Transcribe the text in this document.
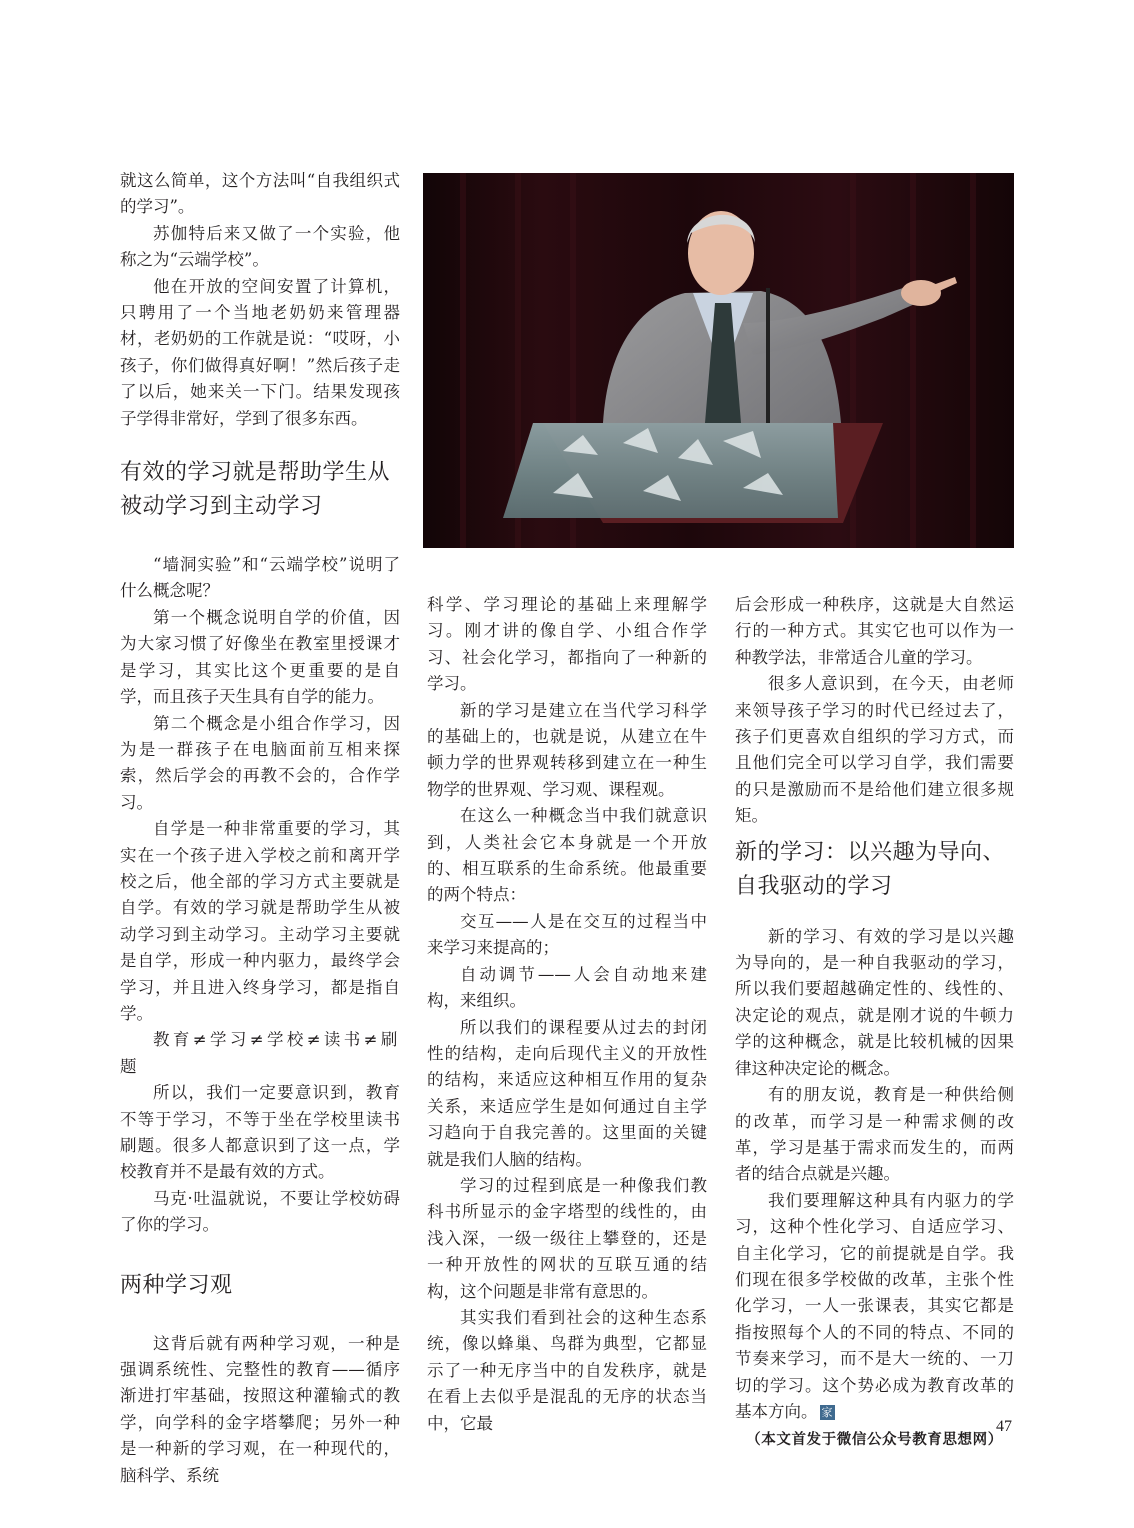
就这么简单，这个方法叫“自我组织式的学习”。

苏伽特后来又做了一个实验，他称之为“云端学校”。

他在开放的空间安置了计算机，只聘用了一个当地老奶奶来管理器材，老奶奶的工作就是说：“哎呀，小孩子，你们做得真好啊！”然后孩子走了以后，她来关一下门。结果发现孩子学得非常好，学到了很多东西。

有效的学习就是帮助学生从被动学习到主动学习

“墙洞实验”和“云端学校”说明了什么概念呢？

第一个概念说明自学的价值，因为大家习惯了好像坐在教室里授课才是学习，其实比这个更重要的是自学，而且孩子天生具有自学的能力。

第二个概念是小组合作学习，因为是一群孩子在电脑面前互相来探索，然后学会的再教不会的，合作学习。

自学是一种非常重要的学习，其实在一个孩子进入学校之前和离开学校之后，他全部的学习方式主要就是自学。有效的学习就是帮助学生从被动学习到主动学习。主动学习主要就是自学，形成一种内驱力，最终学会学习，并且进入终身学习，都是指自学。

教育≠学习≠学校≠读书≠刷题

所以，我们一定要意识到，教育不等于学习，不等于坐在学校里读书刷题。很多人都意识到了这一点，学校教育并不是最有效的方式。

马克·吐温就说，不要让学校妨碍了你的学习。

两种学习观

这背后就有两种学习观，一种是强调系统性、完整性的教育——循序渐进打牢基础，按照这种灌输式的教学，向学科的金字塔攀爬；另外一种是一种新的学习观，在一种现代的，脑科学、系统

科学、学习理论的基础上来理解学习。刚才讲的像自学、小组合作学习、社会化学习，都指向了一种新的学习。

新的学习是建立在当代学习科学的基础上的，也就是说，从建立在牛顿力学的世界观转移到建立在一种生物学的世界观、学习观、课程观。

在这么一种概念当中我们就意识到，人类社会它本身就是一个开放的、相互联系的生命系统。他最重要的两个特点：

交互——人是在交互的过程当中来学习来提高的；

自动调节——人会自动地来建构，来组织。

所以我们的课程要从过去的封闭性的结构，走向后现代主义的开放性的结构，来适应这种相互作用的复杂关系，来适应学生是如何通过自主学习趋向于自我完善的。这里面的关键就是我们人脑的结构。

学习的过程到底是一种像我们教科书所显示的金字塔型的线性的，由浅入深，一级一级往上攀登的，还是一种开放性的网状的互联互通的结构，这个问题是非常有意思的。

其实我们看到社会的这种生态系统，像以蜂巢、鸟群为典型，它都显示了一种无序当中的自发秩序，就是在看上去似乎是混乱的无序的状态当中，它最

后会形成一种秩序，这就是大自然运行的一种方式。其实它也可以作为一种教学法，非常适合儿童的学习。

很多人意识到，在今天，由老师来领导孩子学习的时代已经过去了，孩子们更喜欢自组织的学习方式，而且他们完全可以学习自学，我们需要的只是激励而不是给他们建立很多规矩。

新的学习：以兴趣为导向、自我驱动的学习

新的学习、有效的学习是以兴趣为导向的，是一种自我驱动的学习，所以我们要超越确定性的、线性的、决定论的观点，就是刚才说的牛顿力学的这种概念，就是比较机械的因果律这种决定论的概念。

有的朋友说，教育是一种供给侧的改革，而学习是一种需求侧的改革，学习是基于需求而发生的，而两者的结合点就是兴趣。

我们要理解这种具有内驱力的学习，这种个性化学习、自适应学习、自主化学习，它的前提就是自学。我们现在很多学校做的改革，主张个性化学习，一人一张课表，其实它都是指按照每个人的不同的特点、不同的节奏来学习，而不是大一统的、一刀切的学习。这个势必成为教育改革的基本方向。 家

（本文首发于微信公众号教育思想网）

47
